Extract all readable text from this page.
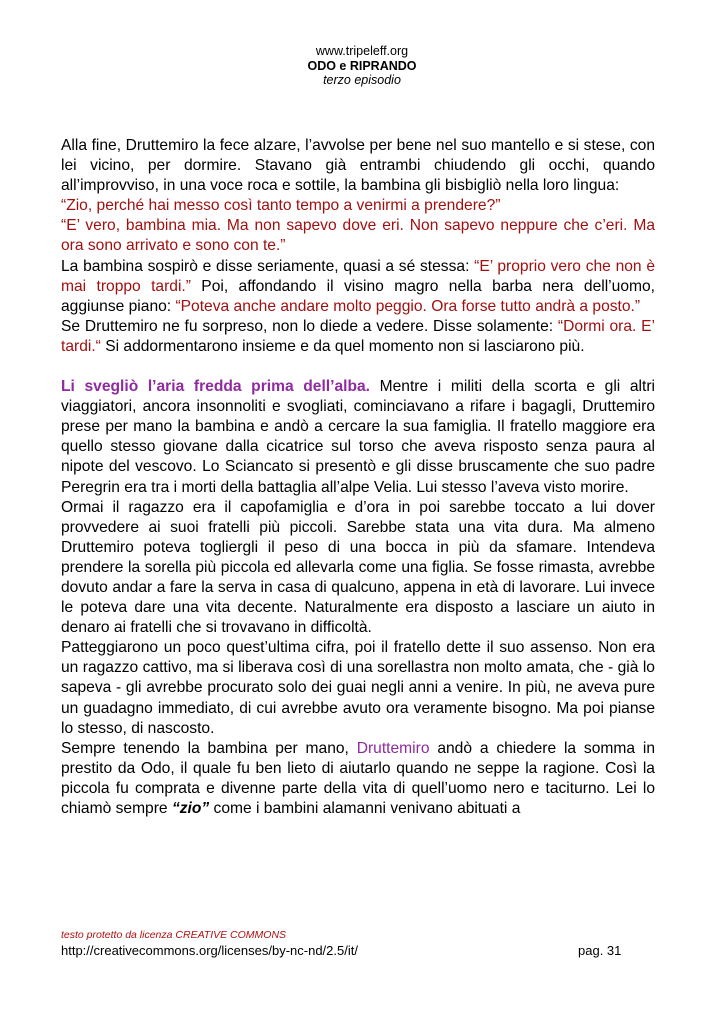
www.tripeleff.org
ODO e RIPRANDO
terzo episodio

Alla fine, Druttemiro la fece alzare, l’avvolse per bene nel suo mantello e si stese, con lei vicino, per dormire. Stavano già entrambi chiudendo gli occhi, quando all’improvviso, in una voce roca e sottile, la bambina gli bisbigliò nella loro lingua:

“Zio, perché hai messo così tanto tempo a venirmi a prendere?”

“E’ vero, bambina mia. Ma non sapevo dove eri. Non sapevo neppure che c’eri. Ma ora sono arrivato e sono con te.”

La bambina sospirò e disse seriamente, quasi a sé stessa: “E’ proprio vero che non è mai troppo tardi.” Poi, affondando il visino magro nella barba nera dell’uomo, aggiunse piano: “Poteva anche andare molto peggio. Ora forse tutto andrà a posto.”

Se Druttemiro ne fu sorpreso, non lo diede a vedere. Disse solamente: “Dormi ora. E’ tardi.“ Si addormentarono insieme e da quel momento non si lasciarono più.

Li svegliò l’aria fredda prima dell’alba. Mentre i militi della scorta e gli altri viaggiatori, ancora insonnoliti e svogliati, cominciavano a rifare i bagagli, Druttemiro prese per mano la bambina e andò a cercare la sua famiglia. Il fratello maggiore era quello stesso giovane dalla cicatrice sul torso che aveva risposto senza paura al nipote del vescovo. Lo Sciancato si presentò e gli disse bruscamente che suo padre Peregrin era tra i morti della battaglia all’alpe Velia. Lui stesso l’aveva visto morire.

Ormai il ragazzo era il capofamiglia e d’ora in poi sarebbe toccato a lui dover provvedere ai suoi fratelli più piccoli. Sarebbe stata una vita dura. Ma almeno Druttemiro poteva togliergli il peso di una bocca in più da sfamare. Intendeva prendere la sorella più piccola ed allevarla come una figlia. Se fosse rimasta, avrebbe dovuto andar a fare la serva in casa di qualcuno, appena in età di lavorare. Lui invece le poteva dare una vita decente. Naturalmente era disposto a lasciare un aiuto in denaro ai fratelli che si trovavano in difficoltà.

Patteggiarono un poco quest’ultima cifra, poi il fratello dette il suo assenso. Non era un ragazzo cattivo, ma si liberava così di una sorellastra non molto amata, che - già lo sapeva - gli avrebbe procurato solo dei guai negli anni a venire. In più, ne aveva pure un guadagno immediato, di cui avrebbe avuto ora veramente bisogno. Ma poi pianse lo stesso, di nascosto.

Sempre tenendo la bambina per mano, Druttemiro andò a chiedere la somma in prestito da Odo, il quale fu ben lieto di aiutarlo quando ne seppe la ragione. Così la piccola fu comprata e divenne parte della vita di quell’uomo nero e taciturno. Lei lo chiamò sempre “zio” come i bambini alamanni venivano abituati a

testo protetto da licenza CREATIVE COMMONS
http://creativecommons.org/licenses/by-nc-nd/2.5/it/	pag. 31
